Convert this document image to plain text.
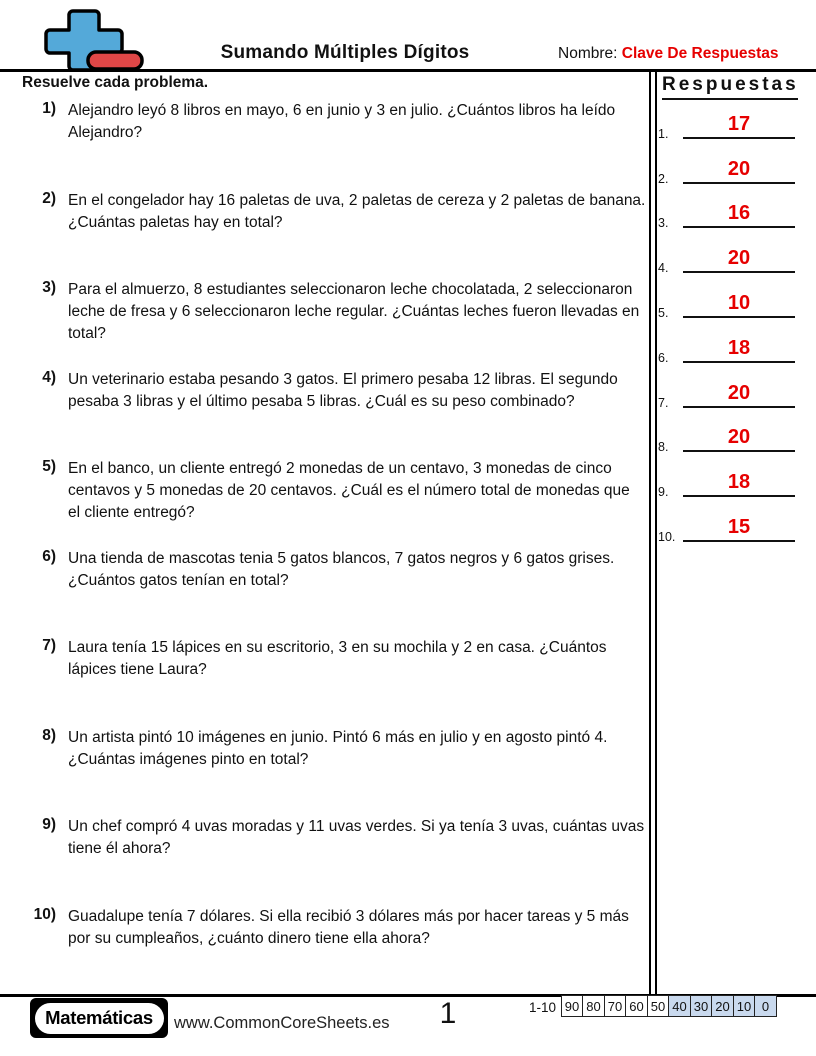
Sumando Múltiples Dígitos	Nombre: Clave De Respuestas
Resuelve cada problema.	Respuestas
1.	17
2.	20
3.	16
4.	20
5.	10
6.	18
7.	20
8.	20
9.	18
10.	15
1) Alejandro leyó 8 libros en mayo, 6 en junio y 3 en julio. ¿Cuántos libros ha leído Alejandro?
2) En el congelador hay 16 paletas de uva, 2 paletas de cereza y 2 paletas de banana. ¿Cuántas paletas hay en total?
3) Para el almuerzo, 8 estudiantes seleccionaron leche chocolatada, 2 seleccionaron leche de fresa y 6 seleccionaron leche regular. ¿Cuántas leches fueron llevadas en total?
4) Un veterinario estaba pesando 3 gatos. El primero pesaba 12 libras. El segundo pesaba 3 libras y el último pesaba 5 libras. ¿Cuál es su peso combinado?
5) En el banco, un cliente entregó 2 monedas de un centavo, 3 monedas de cinco centavos y 5 monedas de 20 centavos. ¿Cuál es el número total de monedas que el cliente entregó?
6) Una tienda de mascotas tenia 5 gatos blancos, 7 gatos negros y 6 gatos grises. ¿Cuántos gatos tenían en total?
7) Laura tenía 15 lápices en su escritorio, 3 en su mochila y 2 en casa. ¿Cuántos lápices tiene Laura?
8) Un artista pintó 10 imágenes en junio. Pintó 6 más en julio y en agosto pintó 4. ¿Cuántas imágenes pinto en total?
9) Un chef compró 4 uvas moradas y 11 uvas verdes. Si ya tenía 3 uvas, cuántas uvas tiene él ahora?
10) Guadalupe tenía 7 dólares. Si ella recibió 3 dólares más por hacer tareas y 5 más por su cumpleaños, ¿cuánto dinero tiene ella ahora?
Matemáticas	www.CommonCoreSheets.es	1	1-10 90 80 70 60 50 40 30 20 10 0
